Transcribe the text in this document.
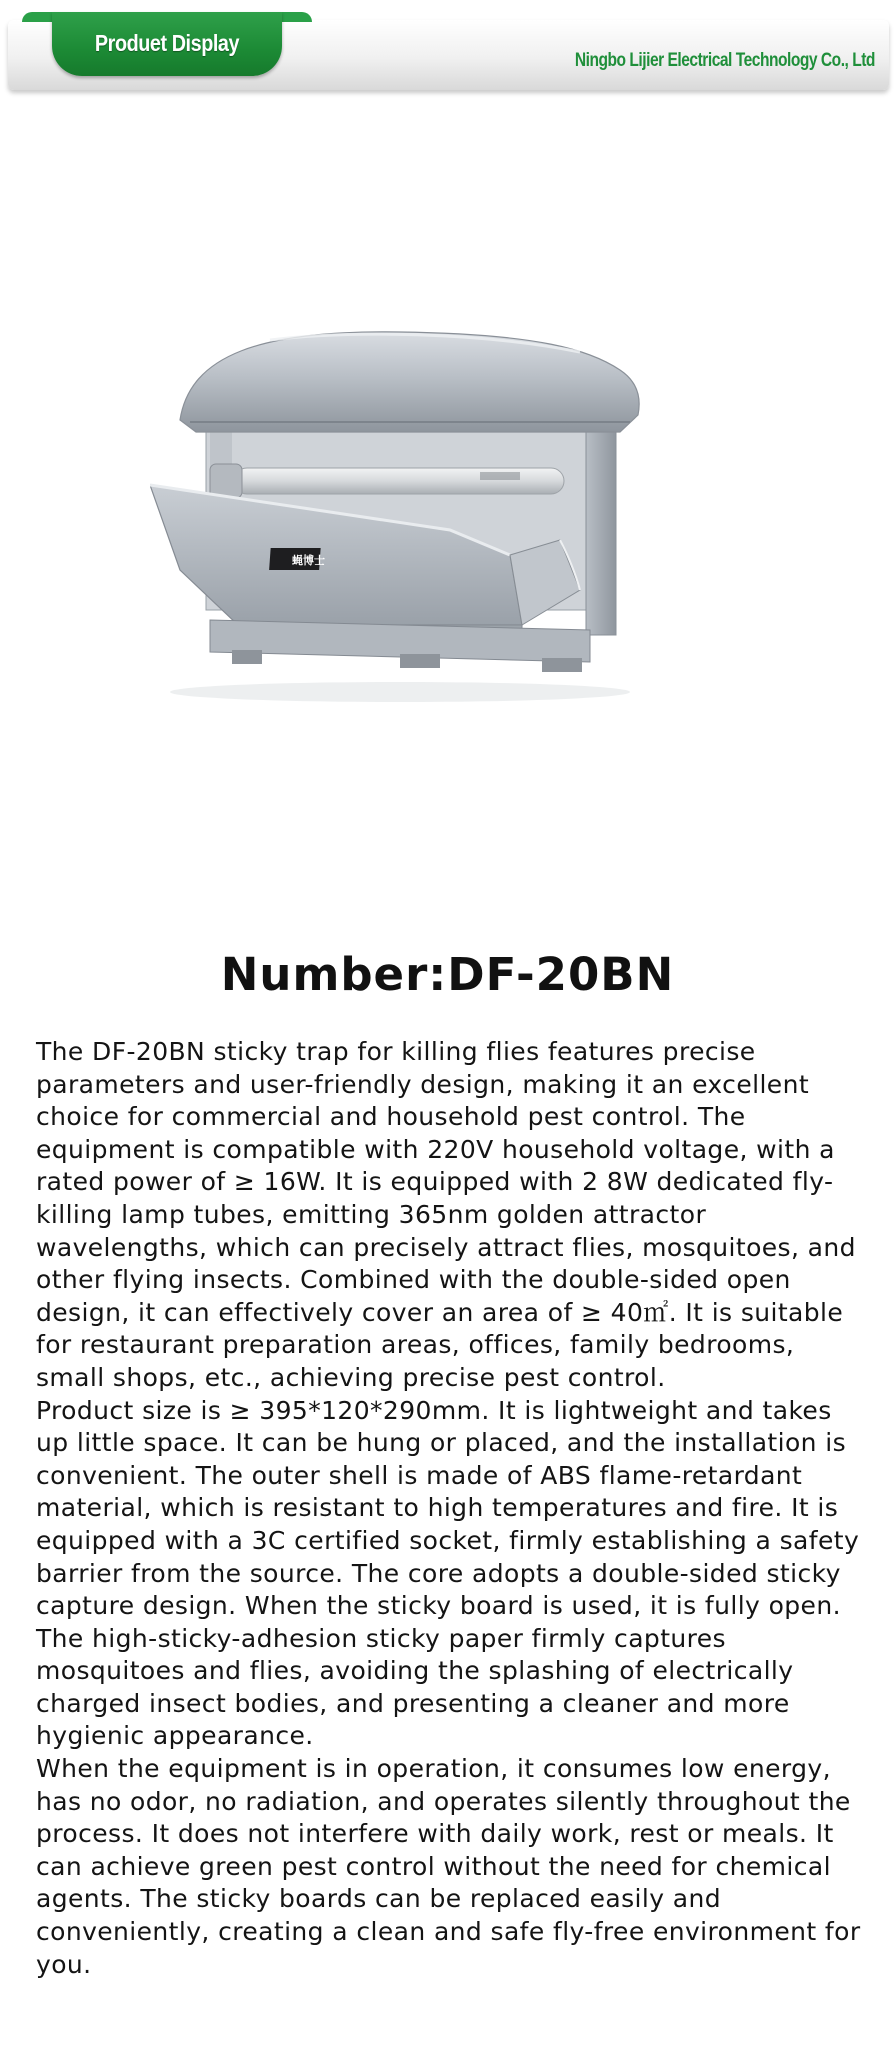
Produet Display
Ningbo Lijier Electrical Technology Co., Ltd
蝇博士
Number:DF-20BN

The DF-20BN sticky trap for killing flies features precise parameters and user-friendly design, making it an excellent choice for commercial and household pest control. The equipment is compatible with 220V household voltage, with a rated power of ≥ 16W. It is equipped with 2 8W dedicated fly-killing lamp tubes, emitting 365nm golden attractor wavelengths, which can precisely attract flies, mosquitoes, and other flying insects. Combined with the double-sided open design, it can effectively cover an area of ≥ 40㎡. It is suitable for restaurant preparation areas, offices, family bedrooms, small shops, etc., achieving precise pest control.

Product size is ≥ 395*120*290mm. It is lightweight and takes up little space. It can be hung or placed, and the installation is convenient. The outer shell is made of ABS flame-retardant material, which is resistant to high temperatures and fire. It is equipped with a 3C certified socket, firmly establishing a safety barrier from the source. The core adopts a double-sided sticky capture design. When the sticky board is used, it is fully open. The high-sticky-adhesion sticky paper firmly captures mosquitoes and flies, avoiding the splashing of electrically charged insect bodies, and presenting a cleaner and more hygienic appearance.

When the equipment is in operation, it consumes low energy, has no odor, no radiation, and operates silently throughout the process. It does not interfere with daily work, rest or meals. It can achieve green pest control without the need for chemical agents. The sticky boards can be replaced easily and conveniently, creating a clean and safe fly-free environment for you.
